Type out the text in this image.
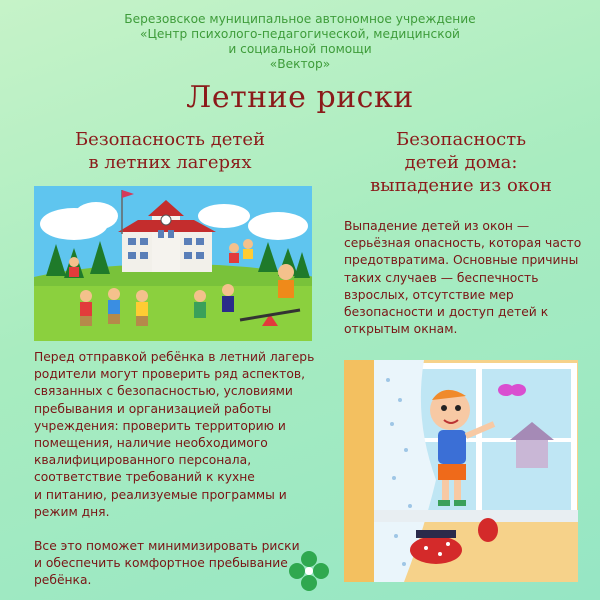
Березовское муниципальное автономное учреждение
«Центр психолого-педагогической, медицинской
и социальной помощи
«Вектор»
Летние риски
Безопасность детей
в летних лагерях
Безопасность
детей дома:
выпадение из окон
Выпадение детей из окон —
серьёзная опасность, которая часто
предотвратима. Основные причины
таких случаев — беспечность
взрослых, отсутствие мер
безопасности и доступ детей к
открытым окнам.
Перед отправкой ребёнка в летний лагерь
родители могут проверить ряд аспектов,
связанных с безопасностью, условиями
пребывания и организацией работы
учреждения: проверить территорию и
помещения, наличие необходимого
квалифицированного персонала,
соответствие требований к кухне
и питанию, реализуемые программы и
режим дня.
Все это поможет минимизировать риски
и обеспечить комфортное пребывание
ребёнка.
